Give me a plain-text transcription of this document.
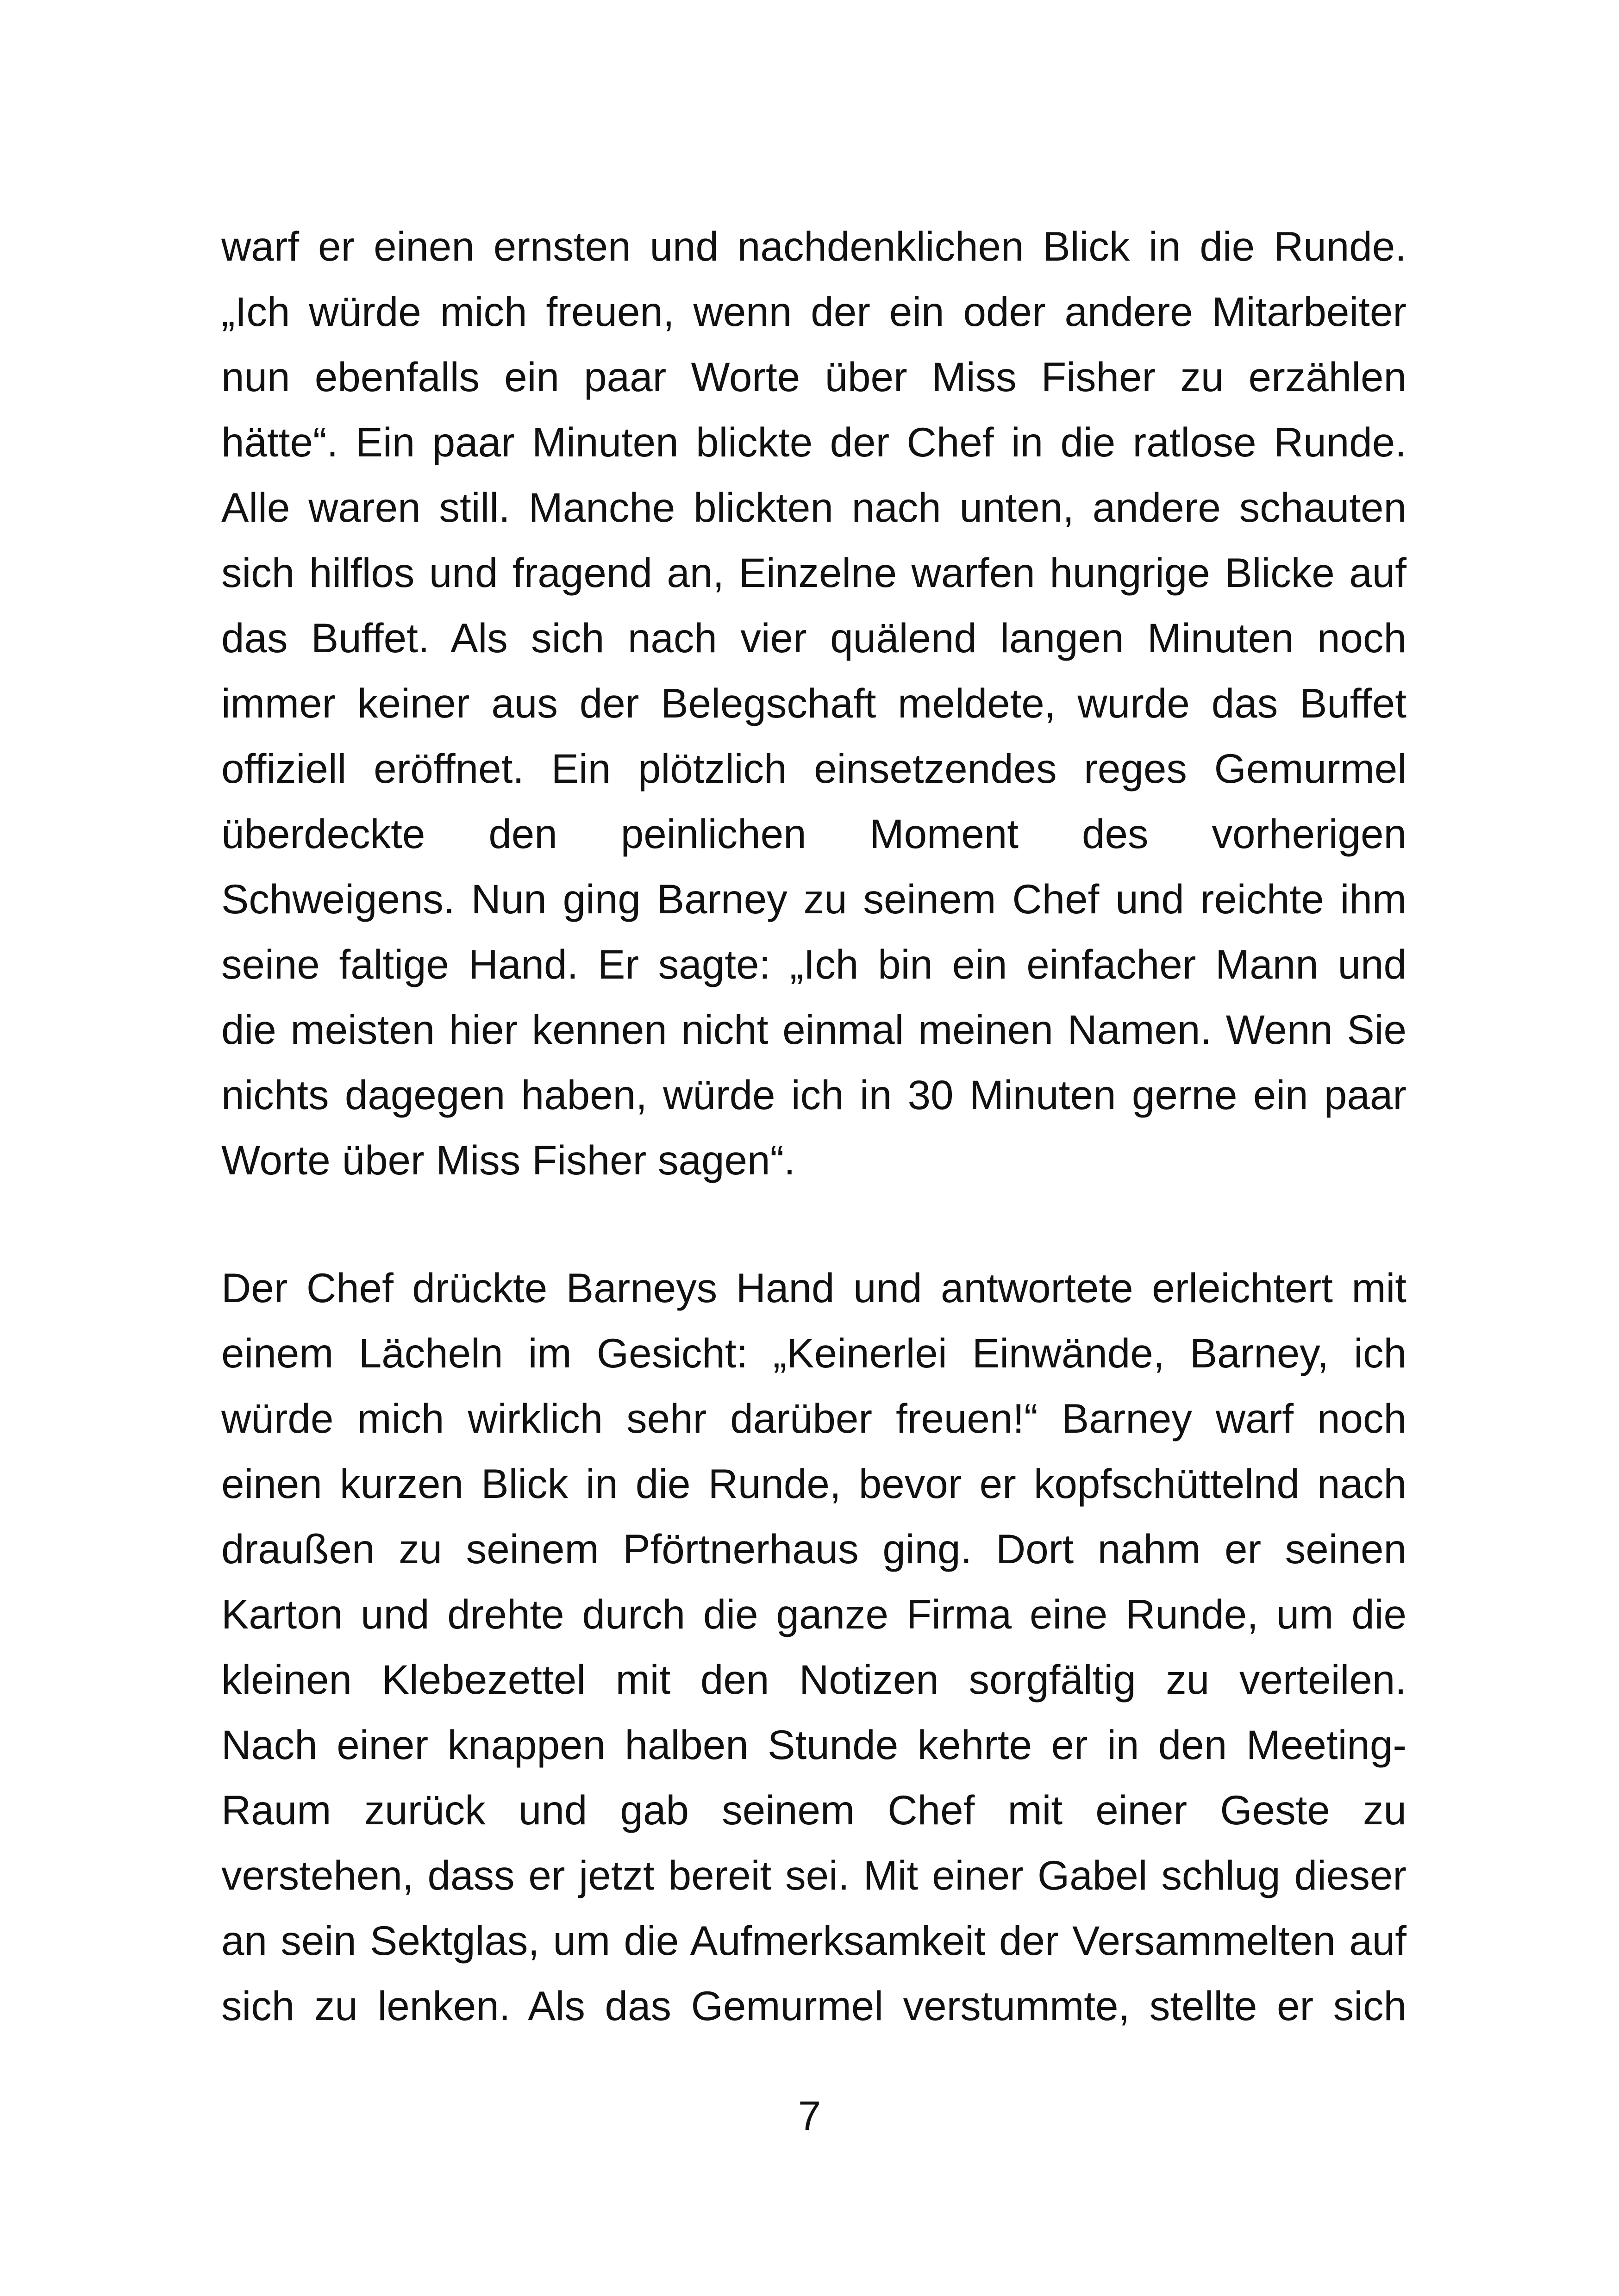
warf er einen ernsten und nachdenklichen Blick in die Runde.
„Ich würde mich freuen, wenn der ein oder andere Mitarbeiter
nun ebenfalls ein paar Worte über Miss Fisher zu erzählen
hätte“. Ein paar Minuten blickte der Chef in die ratlose Runde.
Alle waren still. Manche blickten nach unten, andere schauten
sich hilflos und fragend an, Einzelne warfen hungrige Blicke auf
das Buffet. Als sich nach vier quälend langen Minuten noch
immer keiner aus der Belegschaft meldete, wurde das Buffet
offiziell eröffnet. Ein plötzlich einsetzendes reges Gemurmel
überdeckte den peinlichen Moment des vorherigen
Schweigens. Nun ging Barney zu seinem Chef und reichte ihm
seine faltige Hand. Er sagte: „Ich bin ein einfacher Mann und
die meisten hier kennen nicht einmal meinen Namen. Wenn Sie
nichts dagegen haben, würde ich in 30 Minuten gerne ein paar
Worte über Miss Fisher sagen“.
Der Chef drückte Barneys Hand und antwortete erleichtert mit
einem Lächeln im Gesicht: „Keinerlei Einwände, Barney, ich
würde mich wirklich sehr darüber freuen!“ Barney warf noch
einen kurzen Blick in die Runde, bevor er kopfschüttelnd nach
draußen zu seinem Pförtnerhaus ging. Dort nahm er seinen
Karton und drehte durch die ganze Firma eine Runde, um die
kleinen Klebezettel mit den Notizen sorgfältig zu verteilen.
Nach einer knappen halben Stunde kehrte er in den Meeting-
Raum zurück und gab seinem Chef mit einer Geste zu
verstehen, dass er jetzt bereit sei. Mit einer Gabel schlug dieser
an sein Sektglas, um die Aufmerksamkeit der Versammelten auf
sich zu lenken. Als das Gemurmel verstummte, stellte er sich
7
